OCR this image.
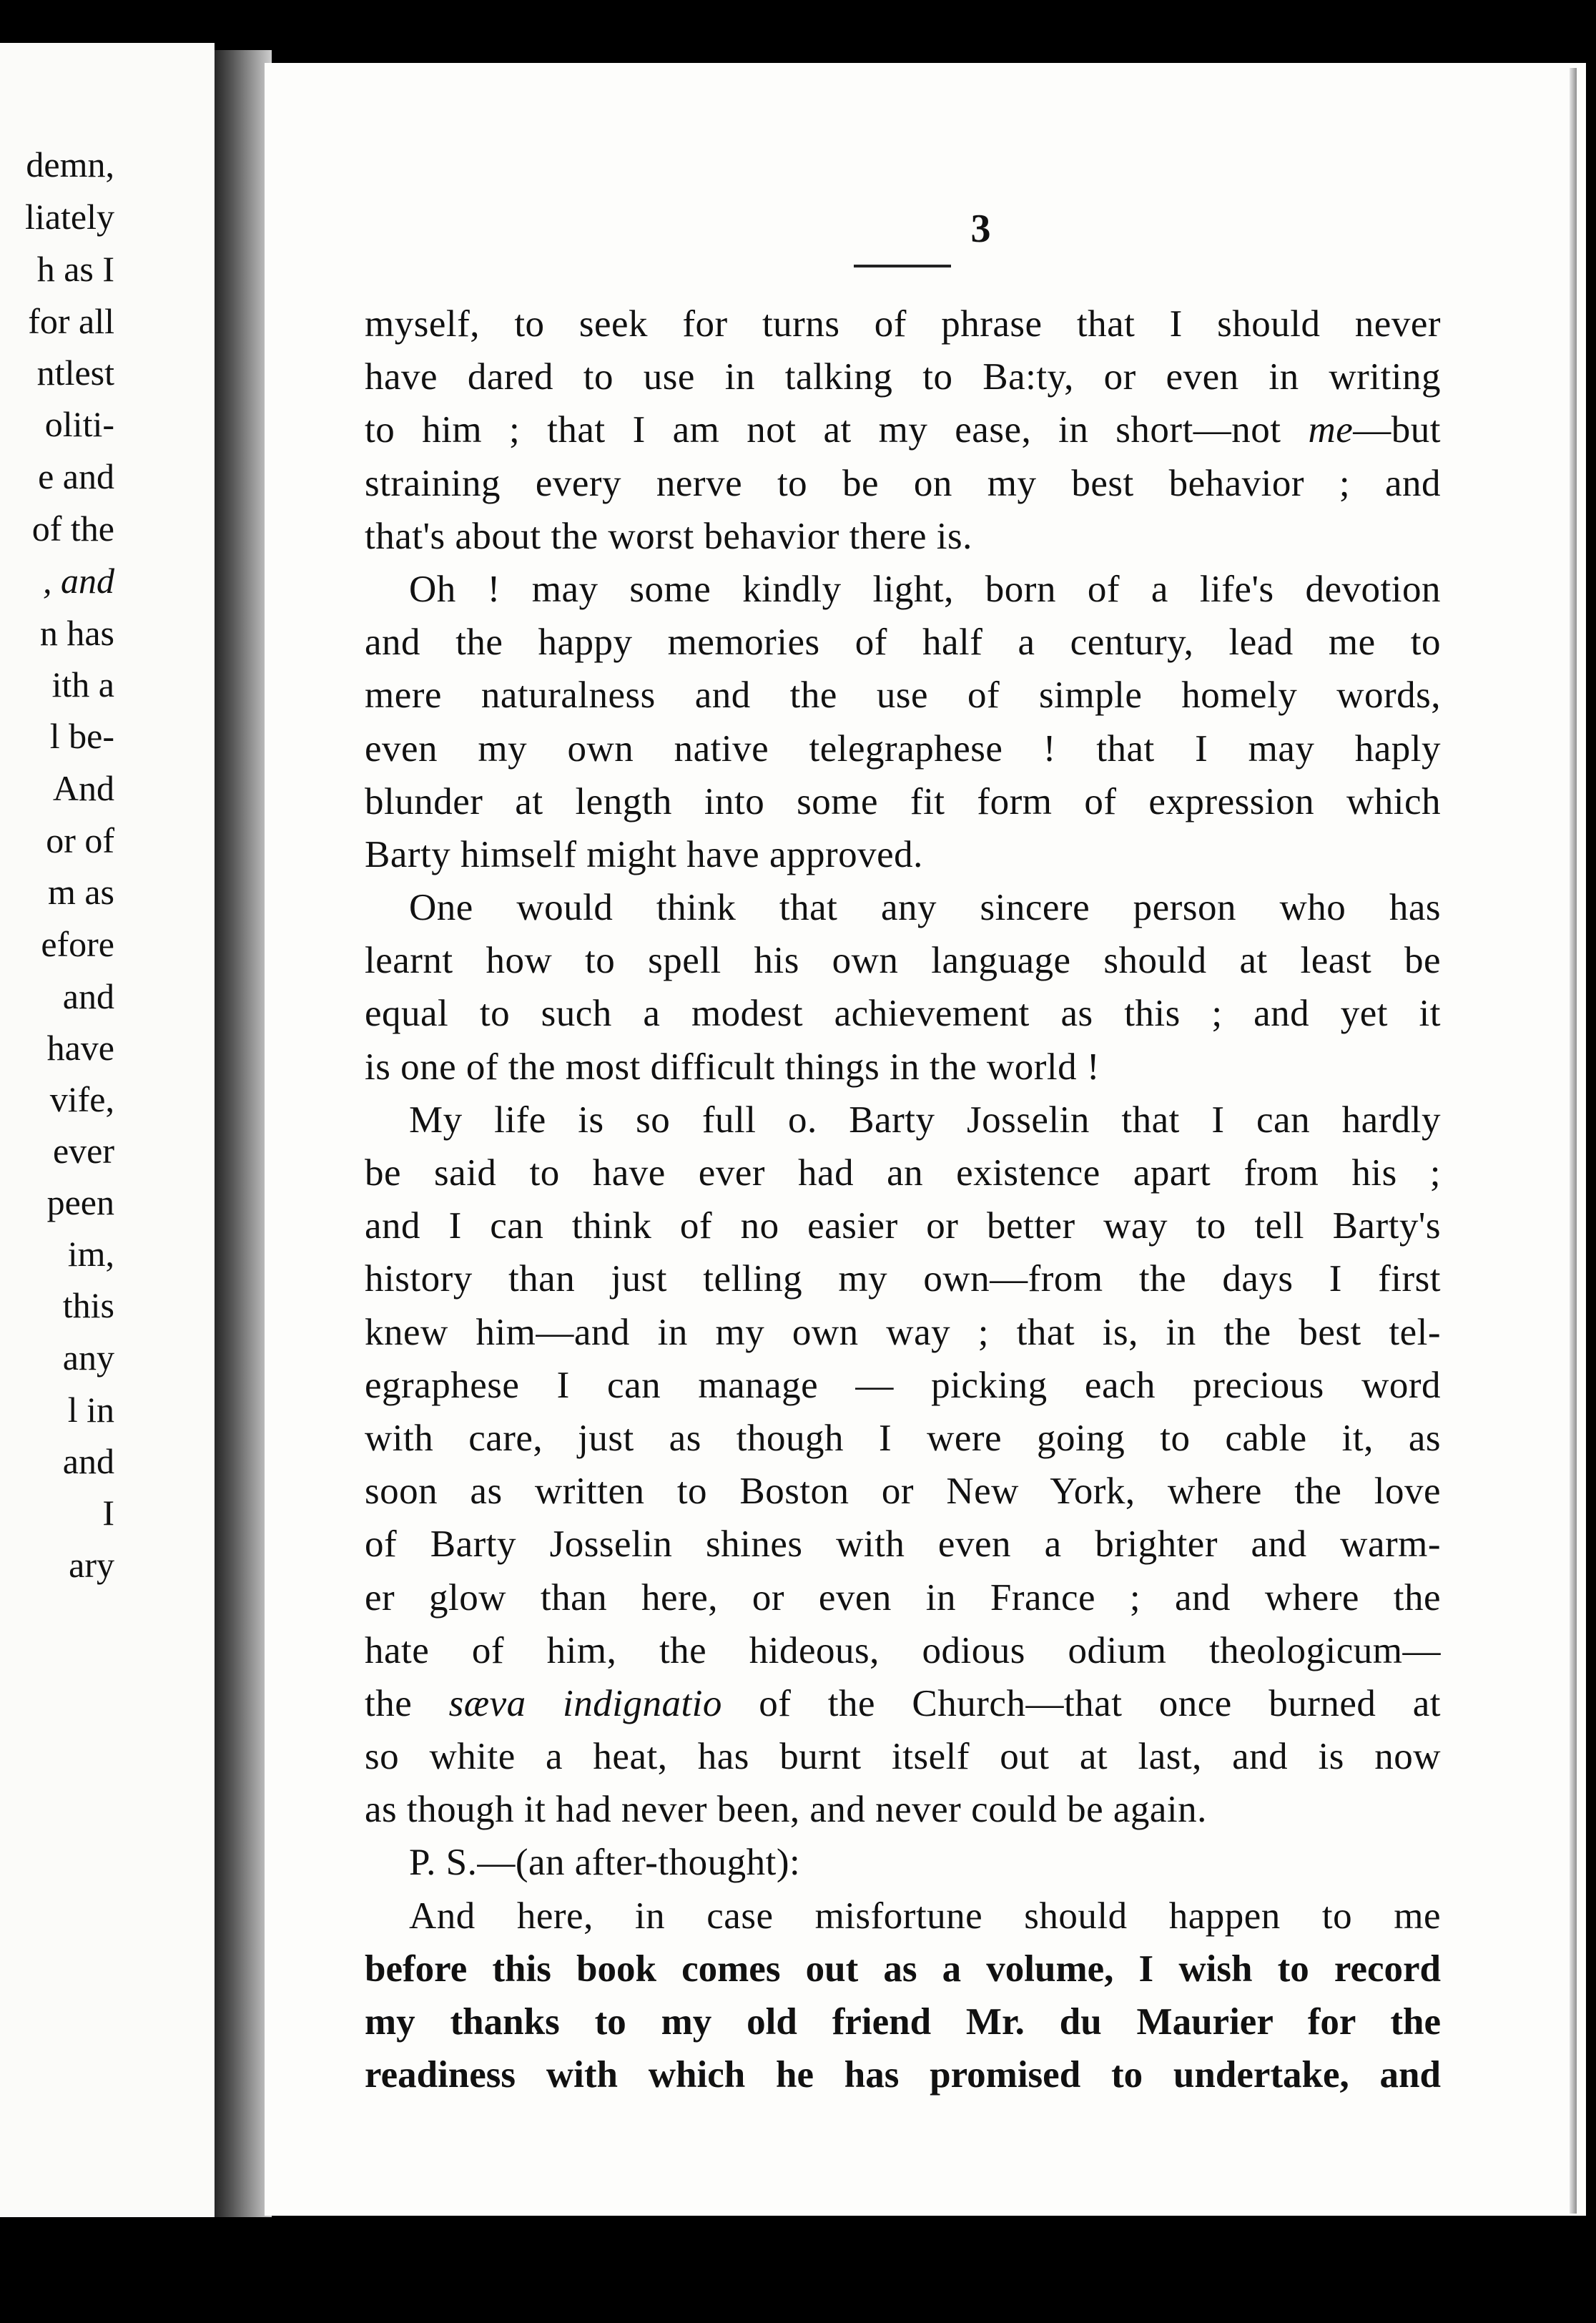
demn,
liately
h as I
for all
ntlest
oliti-
e and
of the
, and
n has
ith a
l be-
And
or of
m as
efore
and
have
vife,
ever
peen
im,
this
any
l in
and
I
ary
3
myself, to seek for turns of phrase that I should never
have dared to use in talking to Ba:ty, or even in writing
to him ; that I am not at my ease, in short—not me—but
straining every nerve to be on my best behavior ; and
that's about the worst behavior there is.
Oh ! may some kindly light, born of a life's devotion
and the happy memories of half a century, lead me to
mere naturalness and the use of simple homely words,
even my own native telegraphese ! that I may haply
blunder at length into some fit form of expression which
Barty himself might have approved.
One would think that any sincere person who has
learnt how to spell his own language should at least be
equal to such a modest achievement as this ; and yet it
is one of the most difficult things in the world !
My life is so full o. Barty Josselin that I can hardly
be said to have ever had an existence apart from his ;
and I can think of no easier or better way to tell Barty's
history than just telling my own—from the days I first
knew him—and in my own way ; that is, in the best tel-
egraphese I can manage — picking each precious word
with care, just as though I were going to cable it, as
soon as written to Boston or New York, where the love
of Barty Josselin shines with even a brighter and warm-
er glow than here, or even in France ; and where the
hate of him, the hideous, odious odium theologicum—
the sæva indignatio of the Church—that once burned at
so white a heat, has burnt itself out at last, and is now
as though it had never been, and never could be again.
P. S.—(an after-thought):
And here, in case misfortune should happen to me
before this book comes out as a volume, I wish to record
my thanks to my old friend Mr. du Maurier for the
readiness with which he has promised to undertake, and
